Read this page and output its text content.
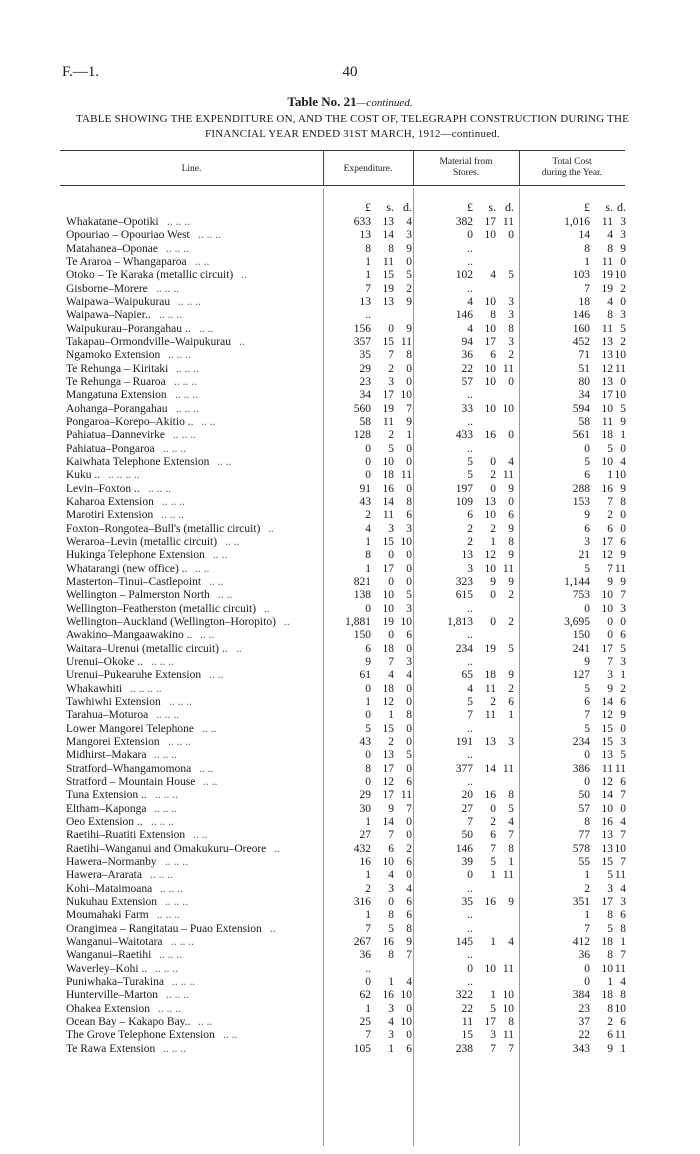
F.—1.	40
Table No. 21—continued.
TABLE SHOWING THE EXPENDITURE ON, AND THE COST OF, TELEGRAPH CONSTRUCTION DURING THE
FINANCIAL YEAR ENDED 31ST MARCH, 1912—continued.
Line.	Expenditure.
Material from
Stores.
Total Cost
during the Year.
£	s. d.	£	s. d.	£	s. d.
Whakatane–Opotiki .. .. ..	633	13	4	382	17 11	1,016	11 3
Opouriao – Opouriao West .. .. ..	13	14	3	0	10	0	14	4 3
Matahanea–Oponae .. .. ..	8	8	9	..	8	8 9
Te Araroa – Whangaparoa .. ..	1	11	0	..	1	11 0
Otoko – Te Karaka (metallic circuit) ..	1	15	5	102	4	5	103	19 10
Gisborne–Morere .. .. ..	7	19	2	..	7	19 2
Waipawa–Waipukurau .. .. ..	13	13	9	4	10	3	18	4 0
Waipawa–Napier.. .. .. ..	..	146	8	3	146	8 3
Waipukurau–Porangahau .. .. ..	156	0	9	4	10	8	160	11 5
Takapau–Ormondville–Waipukurau ..	357	15 11	94	17	3	452	13 2
Ngamoko Extension .. .. ..	35	7	8	36	6	2	71	13 10
Te Rehunga – Kiritaki .. .. ..	29	2	0	22	10 11	51	12 11
Te Rehunga – Ruaroa .. .. ..	23	3	0	57	10	0	80	13 0
Mangatuna Extension .. .. ..	34	17 10	..	34	17 10
Aohanga–Porangahau .. .. ..	560	19	7	33	10 10	594	10 5
Pongaroa–Korepo–Akitio .. .. ..	58	11	9	..	58	11 9
Pahiatua–Dannevirke .. .. ..	128	2	1	433	16	0	561	18 1
Pahiatua–Pongaroa .. .. ..	0	5	0	..	0	5 0
Kaiwhata Telephone Extension .. ..	0	10	0	5	0	4	5	10 4
Kuku .. .. .. .. ..	0	18 11	5	2 11	6	1 10
Levin–Foxton .. .. .. ..	91	16	0	197	0	9	288	16 9
Kaharoa Extension .. .. ..	43	14	8	109	13	0	153	7 8
Marotiri Extension .. .. ..	2	11	6	6	10	6	9	2 0
Foxton–Rongotea–Bull's (metallic circuit) ..	4	3	3	2	2	9	6	6 0
Weraroa–Levin (metallic circuit) .. ..	1	15 10	2	1	8	3	17 6
Hukinga Telephone Extension .. ..	8	0	0	13	12	9	21	12 9
Whatarangi (new office) .. .. ..	1	17	0	3	10 11	5	7 11
Masterton–Tinui–Castlepoint .. ..	821	0	0	323	9	9	1,144	9 9
Wellington – Palmerston North .. ..	138	10	5	615	0	2	753	10 7
Wellington–Featherston (metallic circuit) ..	0	10	3	..	0	10 3
Wellington–Auckland (Wellington–Horopito) ..	1,881	19 10	1,813	0	2	3,695	0 0
Awakino–Mangaawakino .. .. ..	150	0	6	..	150	0 6
Waitara–Urenui (metallic circuit) .. ..	6	18	0	234	19	5	241	17 5
Urenui–Okoke .. .. .. ..	9	7	3	..	9	7 3
Urenui–Pukearuhe Extension .. ..	61	4	4	65	18	9	127	3 1
Whakawhiti .. .. .. ..	0	18	0	4	11	2	5	9 2
Tawhiwhi Extension .. .. ..	1	12	0	5	2	6	6	14 6
Tarahua–Moturoa .. .. ..	0	1	8	7	11	1	7	12 9
Lower Mangorei Telephone .. ..	5	15	0	..	5	15 0
Mangorei Extension .. .. ..	43	2	0	191	13	3	234	15 3
Midhirst–Makara .. .. ..	0	13	5	..	0	13 5
Stratford–Whangamomona .. ..	8	17	0	377	14 11	386	11 11
Stratford – Mountain House .. ..	0	12	6	..	0	12 6
Tuna Extension .. .. .. ..	29	17 11	20	16	8	50	14 7
Eltham–Kaponga .. .. ..	30	9	7	27	0	5	57	10 0
Oeo Extension .. .. .. ..	1	14	0	7	2	4	8	16 4
Raetihi–Ruatiti Extension .. ..	27	7	0	50	6	7	77	13 7
Raetihi–Wanganui and Omakukuru–Oreore ..	432	6	2	146	7	8	578	13 10
Hawera–Normanby .. .. ..	16	10	6	39	5	1	55	15 7
Hawera–Ararata .. .. ..	1	4	0	0	1 11	1	5 11
Kohi–Mataimoana .. .. ..	2	3	4	..	2	3 4
Nukuhau Extension .. .. ..	316	0	6	35	16	9	351	17 3
Moumahaki Farm .. .. ..	1	8	6	..	1	8 6
Orangimea – Rangitatau – Puao Extension ..	7	5	8	..	7	5 8
Wanganui–Waitotara .. .. ..	267	16	9	145	1	4	412	18 1
Wanganui–Raetihi .. .. ..	36	8	7	..	36	8 7
Waverley–Kohi .. .. .. ..	..	0	10 11	0	10 11
Puniwhaka–Turakina .. .. ..	0	1	4	..	0	1 4
Hunterville–Marton .. .. ..	62	16 10	322	1 10	384	18 8
Ohakea Extension .. .. ..	1	3	0	22	5 10	23	8 10
Ocean Bay – Kakapo Bay.. .. ..	25	4 10	11	17	8	37	2 6
The Grove Telephone Extension .. ..	7	3	0	15	3 11	22	6 11
Te Rawa Extension .. .. ..	105	1	6	238	7	7	343	9 1
